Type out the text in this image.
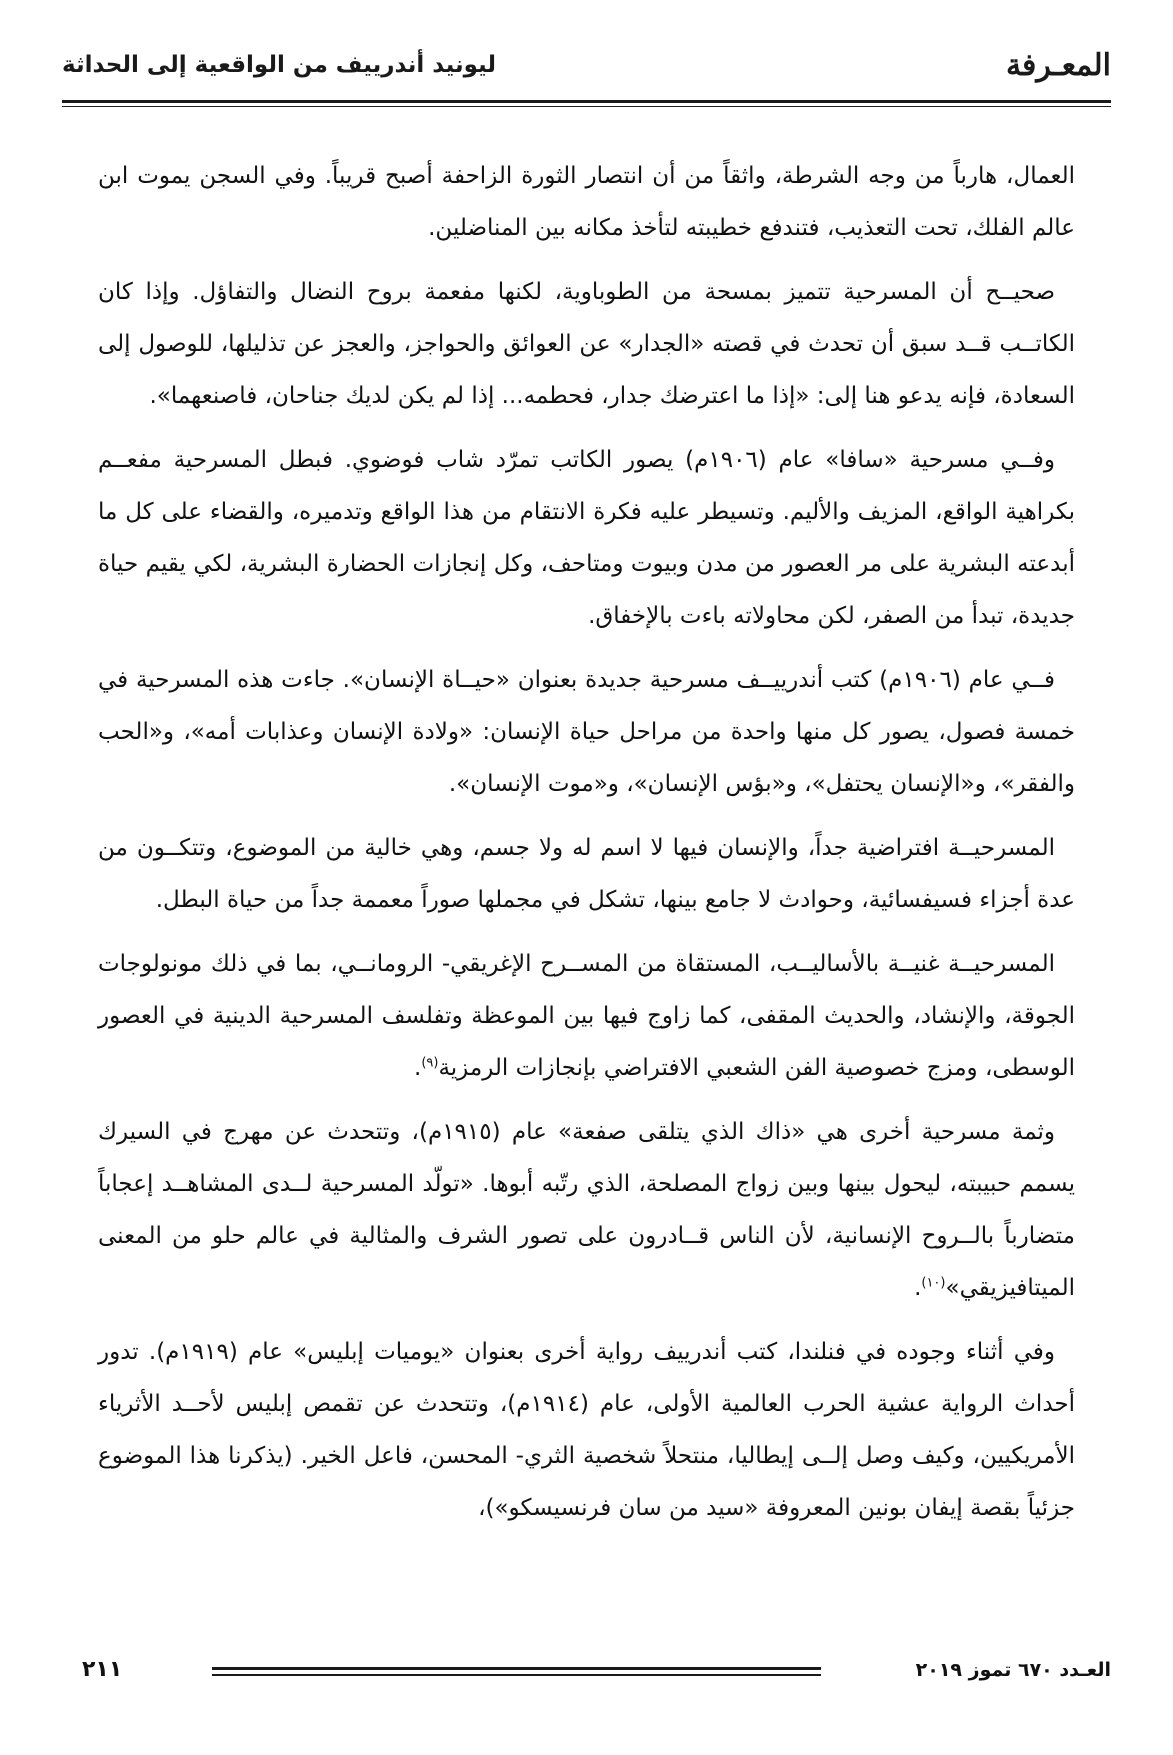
المعـرفة
ليونيد أندرييف من الواقعية إلى الحداثة

العمال، هارباً من وجه الشرطة، واثقاً من أن انتصار الثورة الزاحفة أصبح قريباً. وفي السجن يموت ابن عالم الفلك، تحت التعذيب، فتندفع خطيبته لتأخذ مكانه بين المناضلين.

صحيــح أن المسرحية تتميز بمسحة من الطوباوية، لكنها مفعمة بروح النضال والتفاؤل. وإذا كان الكاتــب قــد سبق أن تحدث في قصته «الجدار» عن العوائق والحواجز، والعجز عن تذليلها، للوصول إلى السعادة، فإنه يدعو هنا إلى: «إذا ما اعترضك جدار، فحطمه... إذا لم يكن لديك جناحان، فاصنعهما».

وفــي مسرحية «سافا» عام (١٩٠٦م) يصور الكاتب تمرّد شاب فوضوي. فبطل المسرحية مفعــم بكراهية الواقع، المزيف والأليم. وتسيطر عليه فكرة الانتقام من هذا الواقع وتدميره، والقضاء على كل ما أبدعته البشرية على مر العصور من مدن وبيوت ومتاحف، وكل إنجازات الحضارة البشرية، لكي يقيم حياة جديدة، تبدأ من الصفر، لكن محاولاته باءت بالإخفاق.

فــي عام (١٩٠٦م) كتب أندرييــف مسرحية جديدة بعنوان «حيــاة الإنسان». جاءت هذه المسرحية في خمسة فصول، يصور كل منها واحدة من مراحل حياة الإنسان: «ولادة الإنسان وعذابات أمه»، و«الحب والفقر»، و«الإنسان يحتفل»، و«بؤس الإنسان»، و«موت الإنسان».

المسرحيــة افتراضية جداً، والإنسان فيها لا اسم له ولا جسم، وهي خالية من الموضوع، وتتكــون من عدة أجزاء فسيفسائية، وحوادث لا جامع بينها، تشكل في مجملها صوراً معممة جداً من حياة البطل.

المسرحيــة غنيــة بالأساليــب، المستقاة من المســرح الإغريقي- الرومانــي، بما في ذلك مونولوجات الجوقة، والإنشاد، والحديث المقفى، كما زاوج فيها بين الموعظة وتفلسف المسرحية الدينية في العصور الوسطى، ومزج خصوصية الفن الشعبي الافتراضي بإنجازات الرمزية$^{(٩)}$.

وثمة مسرحية أخرى هي «ذاك الذي يتلقى صفعة» عام (١٩١٥م)، وتتحدث عن مهرج في السيرك يسمم حبيبته، ليحول بينها وبين زواج المصلحة، الذي رتّبه أبوها. «تولّد المسرحية لــدى المشاهــد إعجاباً متضارباً بالــروح الإنسانية، لأن الناس قــادرون على تصور الشرف والمثالية في عالم حلو من المعنى الميتافيزيقي»$^{(١٠)}$.

وفي أثناء وجوده في فنلندا، كتب أندرييف رواية أخرى بعنوان «يوميات إبليس» عام (١٩١٩م). تدور أحداث الرواية عشية الحرب العالمية الأولى، عام (١٩١٤م)، وتتحدث عن تقمص إبليس لأحــد الأثرياء الأمريكيين، وكيف وصل إلــى إيطاليا، منتحلاً شخصية الثري- المحسن، فاعل الخير. (يذكرنا هذا الموضوع جزئياً بقصة إيفان بونين المعروفة «سيد من سان فرنسيسكو»)،

العـدد ٦٧٠ تموز ٢٠١٩
٢١١
